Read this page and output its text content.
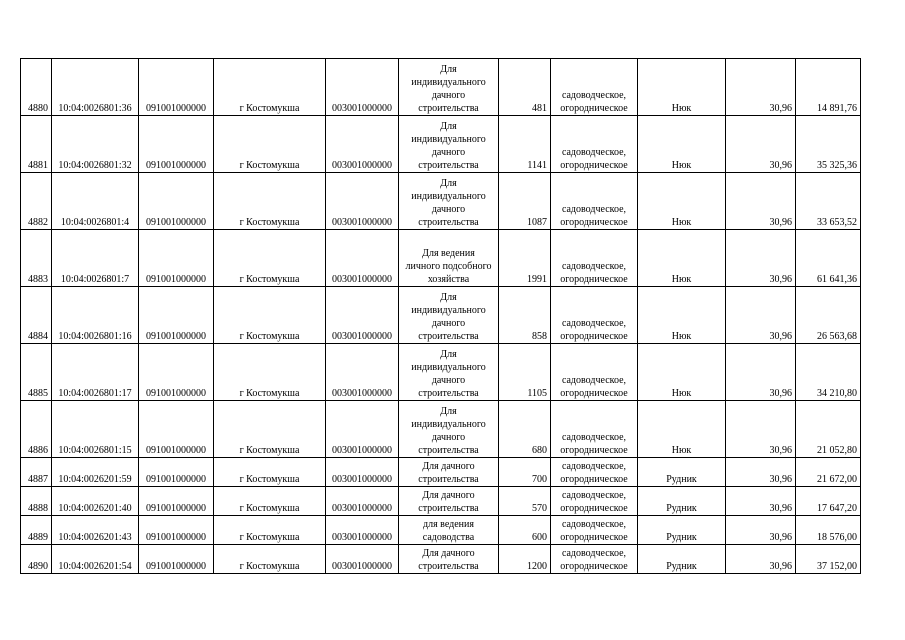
4880	10:04:0026801:36	091001000000	г Костомукша	003001000000	Для
индивидуального
дачного
строительства	481	садоводческое,
огородническое	Нюк	30,96	14 891,76
4881	10:04:0026801:32	091001000000	г Костомукша	003001000000	Для
индивидуального
дачного
строительства	1141	садоводческое,
огородническое	Нюк	30,96	35 325,36
4882	10:04:0026801:4	091001000000	г Костомукша	003001000000	Для
индивидуального
дачного
строительства	1087	садоводческое,
огородническое	Нюк	30,96	33 653,52
4883	10:04:0026801:7	091001000000	г Костомукша	003001000000	Для ведения
личного подсобного
хозяйства	1991	садоводческое,
огородническое	Нюк	30,96	61 641,36
4884	10:04:0026801:16	091001000000	г Костомукша	003001000000	Для
индивидуального
дачного
строительства	858	садоводческое,
огородническое	Нюк	30,96	26 563,68
4885	10:04:0026801:17	091001000000	г Костомукша	003001000000	Для
индивидуального
дачного
строительства	1105	садоводческое,
огородническое	Нюк	30,96	34 210,80
4886	10:04:0026801:15	091001000000	г Костомукша	003001000000	Для
индивидуального
дачного
строительства	680	садоводческое,
огородническое	Нюк	30,96	21 052,80
4887	10:04:0026201:59	091001000000	г Костомукша	003001000000	Для дачного
строительства	700	садоводческое,
огородническое	Рудник	30,96	21 672,00
4888	10:04:0026201:40	091001000000	г Костомукша	003001000000	Для дачного
строительства	570	садоводческое,
огородническое	Рудник	30,96	17 647,20
4889	10:04:0026201:43	091001000000	г Костомукша	003001000000	для ведения
садоводства	600	садоводческое,
огородническое	Рудник	30,96	18 576,00
4890	10:04:0026201:54	091001000000	г Костомукша	003001000000	Для дачного
строительства	1200	садоводческое,
огородническое	Рудник	30,96	37 152,00
